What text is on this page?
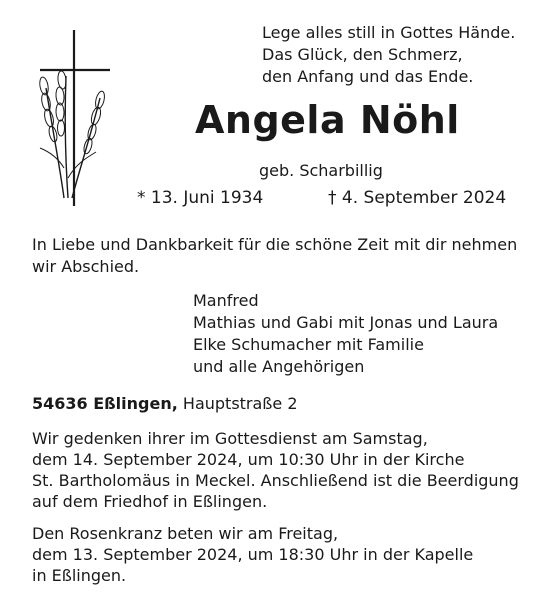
Lege alles still in Gottes Hände.
Das Glück, den Schmerz,
den Anfang und das Ende.
Angela Nöhl
geb. Scharbillig
* 13. Juni 1934	† 4. September 2024
In Liebe und Dankbarkeit für die schöne Zeit mit dir nehmen
wir Abschied.
Manfred
Mathias und Gabi mit Jonas und Laura
Elke Schumacher mit Familie
und alle Angehörigen
54636 Eßlingen, Hauptstraße 2
Wir gedenken ihrer im Gottesdienst am Samstag,
dem 14. September 2024, um 10:30 Uhr in der Kirche
St. Bartholomäus in Meckel. Anschließend ist die Beerdigung
auf dem Friedhof in Eßlingen.
Den Rosenkranz beten wir am Freitag,
dem 13. September 2024, um 18:30 Uhr in der Kapelle
in Eßlingen.
